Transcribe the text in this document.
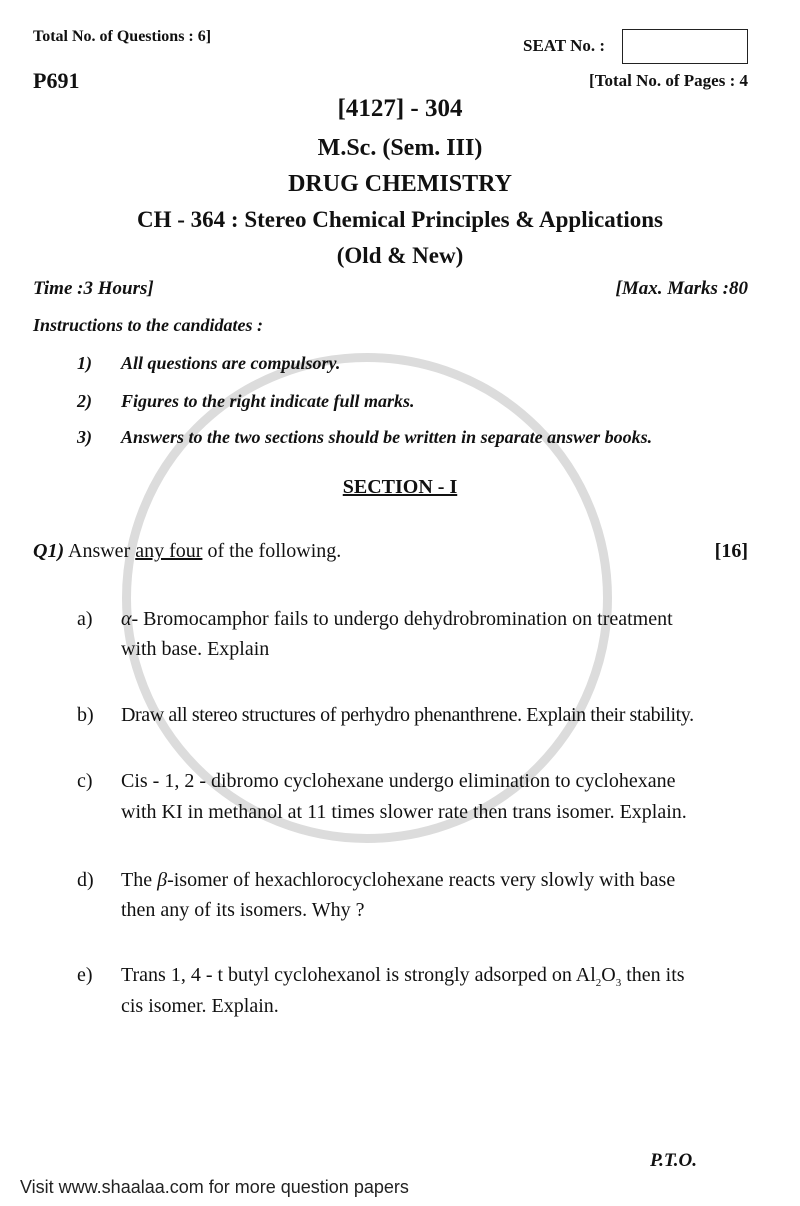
Total No. of Questions : 6]	SEAT No. :
P691	[Total No. of Pages : 4
[4127] - 304
M.Sc. (Sem. III)
DRUG CHEMISTRY
CH - 364 : Stereo Chemical Principles & Applications
(Old & New)
Time :3 Hours]	[Max. Marks :80
Instructions to the candidates :
1) All questions are compulsory.
2) Figures to the right indicate full marks.
3) Answers to the two sections should be written in separate answer books.
SECTION - I
Q1) Answer any four of the following.	[16]
a) α- Bromocamphor fails to undergo dehydrobromination on treatment
with base. Explain
b) Draw all stereo structures of perhydro phenanthrene. Explain their stability.
c) Cis - 1, 2 - dibromo cyclohexane undergo elimination to cyclohexane
with KI in methanol at 11 times slower rate then trans isomer. Explain.
d) The β-isomer of hexachlorocyclohexane reacts very slowly with base
then any of its isomers. Why ?
e) Trans 1, 4 - t butyl cyclohexanol is strongly adsorped on $Al_2O_3$ then its
cis isomer. Explain.
P.T.O.
Visit www.shaalaa.com for more question papers
